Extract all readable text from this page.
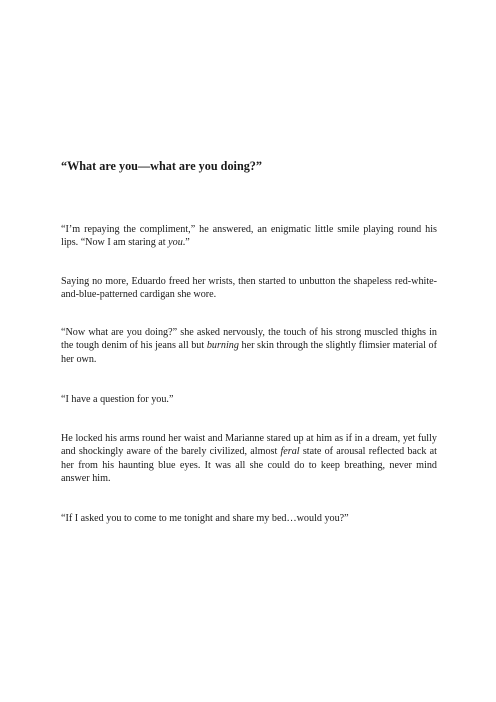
“What are you—what are you doing?”

“I’m repaying the compliment,” he answered, an enigmatic little smile playing round his lips. “Now I am staring at you.”

Saying no more, Eduardo freed her wrists, then started to unbutton the shapeless red-white-and-blue-patterned cardigan she wore.

“Now what are you doing?” she asked nervously, the touch of his strong muscled thighs in the tough denim of his jeans all but burning her skin through the slightly flimsier material of her own.

“I have a question for you.”

He locked his arms round her waist and Marianne stared up at him as if in a dream, yet fully and shockingly aware of the barely civilized, almost feral state of arousal reflected back at her from his haunting blue eyes. It was all she could do to keep breathing, never mind answer him.

“If I asked you to come to me tonight and share my bed…would you?”
